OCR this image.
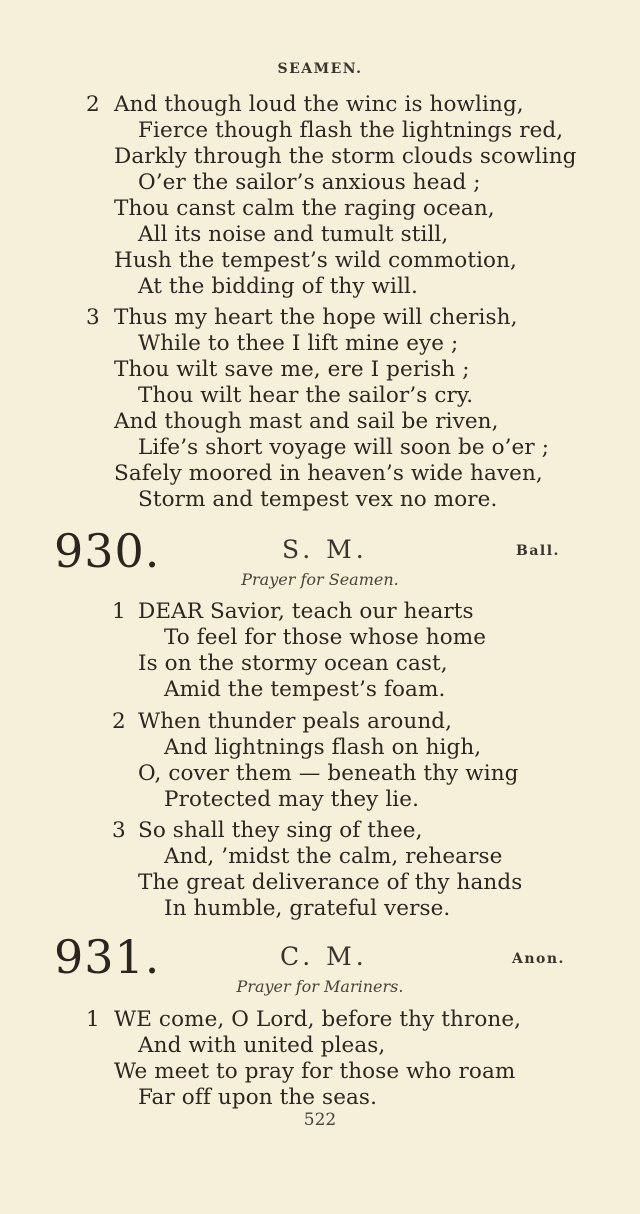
SEAMEN.
2 And though loud the winc is howling,
Fierce though flash the lightnings red,
Darkly through the storm clouds scowling
O’er the sailor’s anxious head ;
Thou canst calm the raging ocean,
All its noise and tumult still,
Hush the tempest’s wild commotion,
At the bidding of thy will.
3 Thus my heart the hope will cherish,
While to thee I lift mine eye ;
Thou wilt save me, ere I perish ;
Thou wilt hear the sailor’s cry.
And though mast and sail be riven,
Life’s short voyage will soon be o’er ;
Safely moored in heaven’s wide haven,
Storm and tempest vex no more.
930.	S. M.	Ball.
Prayer for Seamen.
1 DEAR Savior, teach our hearts
To feel for those whose home
Is on the stormy ocean cast,
Amid the tempest’s foam.
2 When thunder peals around,
And lightnings flash on high,
O, cover them — beneath thy wing
Protected may they lie.
3 So shall they sing of thee,
And, ’midst the calm, rehearse
The great deliverance of thy hands
In humble, grateful verse.
931.	C. M.	Anon.
Prayer for Mariners.
1 WE come, O Lord, before thy throne,
And with united pleas,
We meet to pray for those who roam
Far off upon the seas.
522
